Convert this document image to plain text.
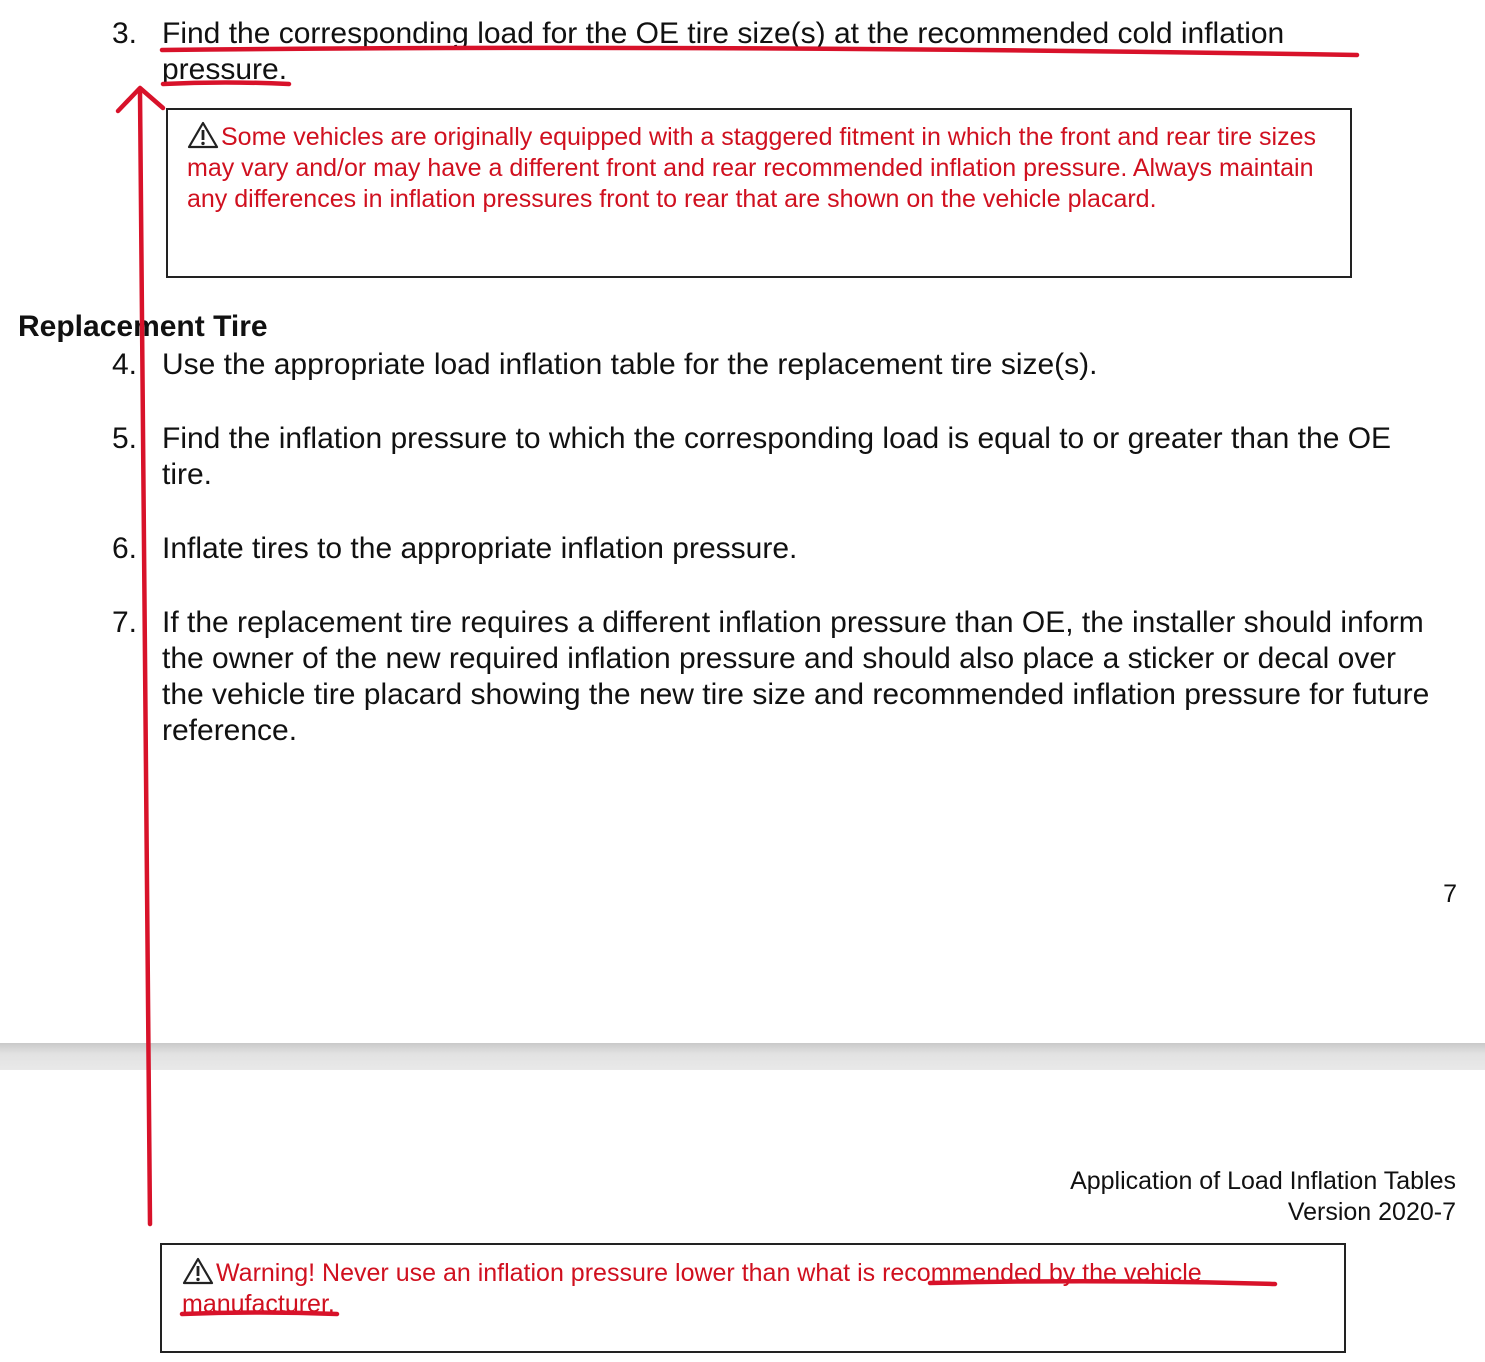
3. Find the corresponding load for the OE tire size(s) at the recommended cold inflation pressure.
Some vehicles are originally equipped with a staggered fitment in which the front and rear tire sizes may vary and/or may have a different front and rear recommended inflation pressure. Always maintain any differences in inflation pressures front to rear that are shown on the vehicle placard.
Replacement Tire
4. Use the appropriate load inflation table for the replacement tire size(s).
5. Find the inflation pressure to which the corresponding load is equal to or greater than the OE tire.
6. Inflate tires to the appropriate inflation pressure.
7. If the replacement tire requires a different inflation pressure than OE, the installer should inform the owner of the new required inflation pressure and should also place a sticker or decal over the vehicle tire placard showing the new tire size and recommended inflation pressure for future reference.
7
Application of Load Inflation Tables
Version 2020-7
Warning! Never use an inflation pressure lower than what is recommended by the vehicle manufacturer.
